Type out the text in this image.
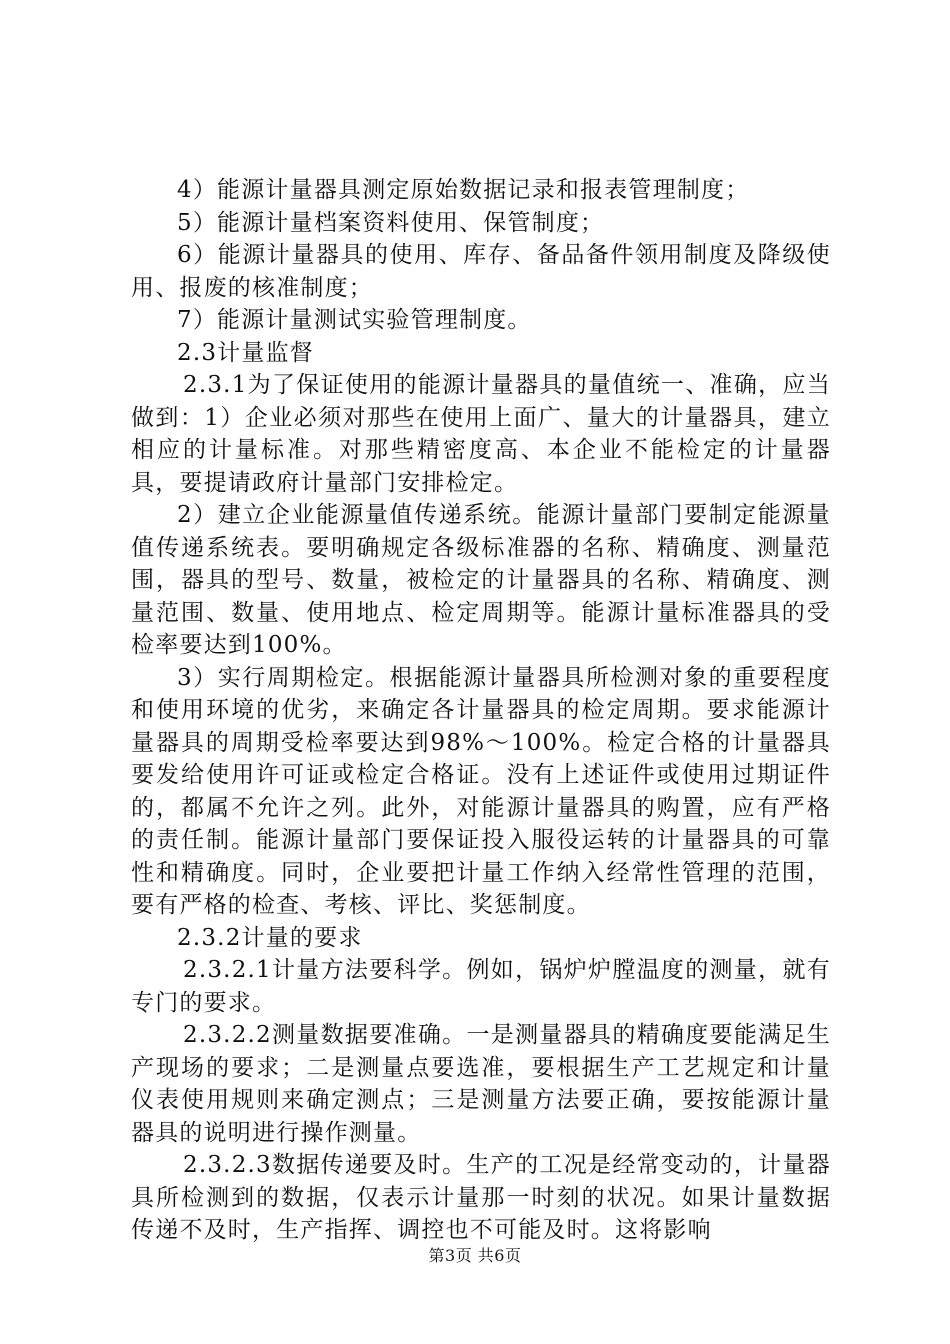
4）能源计量器具测定原始数据记录和报表管理制度；

5）能源计量档案资料使用、保管制度；

6）能源计量器具的使用、库存、备品备件领用制度及降级使用、报废的核准制度；

7）能源计量测试实验管理制度。

2.3计量监督

2.3.1为了保证使用的能源计量器具的量值统一、准确，应当做到：1）企业必须对那些在使用上面广、量大的计量器具，建立相应的计量标准。对那些精密度高、本企业不能检定的计量器具，要提请政府计量部门安排检定。

2）建立企业能源量值传递系统。能源计量部门要制定能源量值传递系统表。要明确规定各级标准器的名称、精确度、测量范围，器具的型号、数量，被检定的计量器具的名称、精确度、测量范围、数量、使用地点、检定周期等。能源计量标准器具的受检率要达到100%。

3）实行周期检定。根据能源计量器具所检测对象的重要程度和使用环境的优劣，来确定各计量器具的检定周期。要求能源计量器具的周期受检率要达到98%～100%。检定合格的计量器具要发给使用许可证或检定合格证。没有上述证件或使用过期证件的，都属不允许之列。此外，对能源计量器具的购置，应有严格的责任制。能源计量部门要保证投入服役运转的计量器具的可靠性和精确度。同时，企业要把计量工作纳入经常性管理的范围，要有严格的检查、考核、评比、奖惩制度。

2.3.2计量的要求

2.3.2.1计量方法要科学。例如，锅炉炉膛温度的测量，就有专门的要求。

2.3.2.2测量数据要准确。一是测量器具的精确度要能满足生产现场的要求；二是测量点要选准，要根据生产工艺规定和计量仪表使用规则来确定测点；三是测量方法要正确，要按能源计量器具的说明进行操作测量。

2.3.2.3数据传递要及时。生产的工况是经常变动的，计量器具所检测到的数据，仅表示计量那一时刻的状况。如果计量数据传递不及时，生产指挥、调控也不可能及时。这将影响

第3页 共6页
